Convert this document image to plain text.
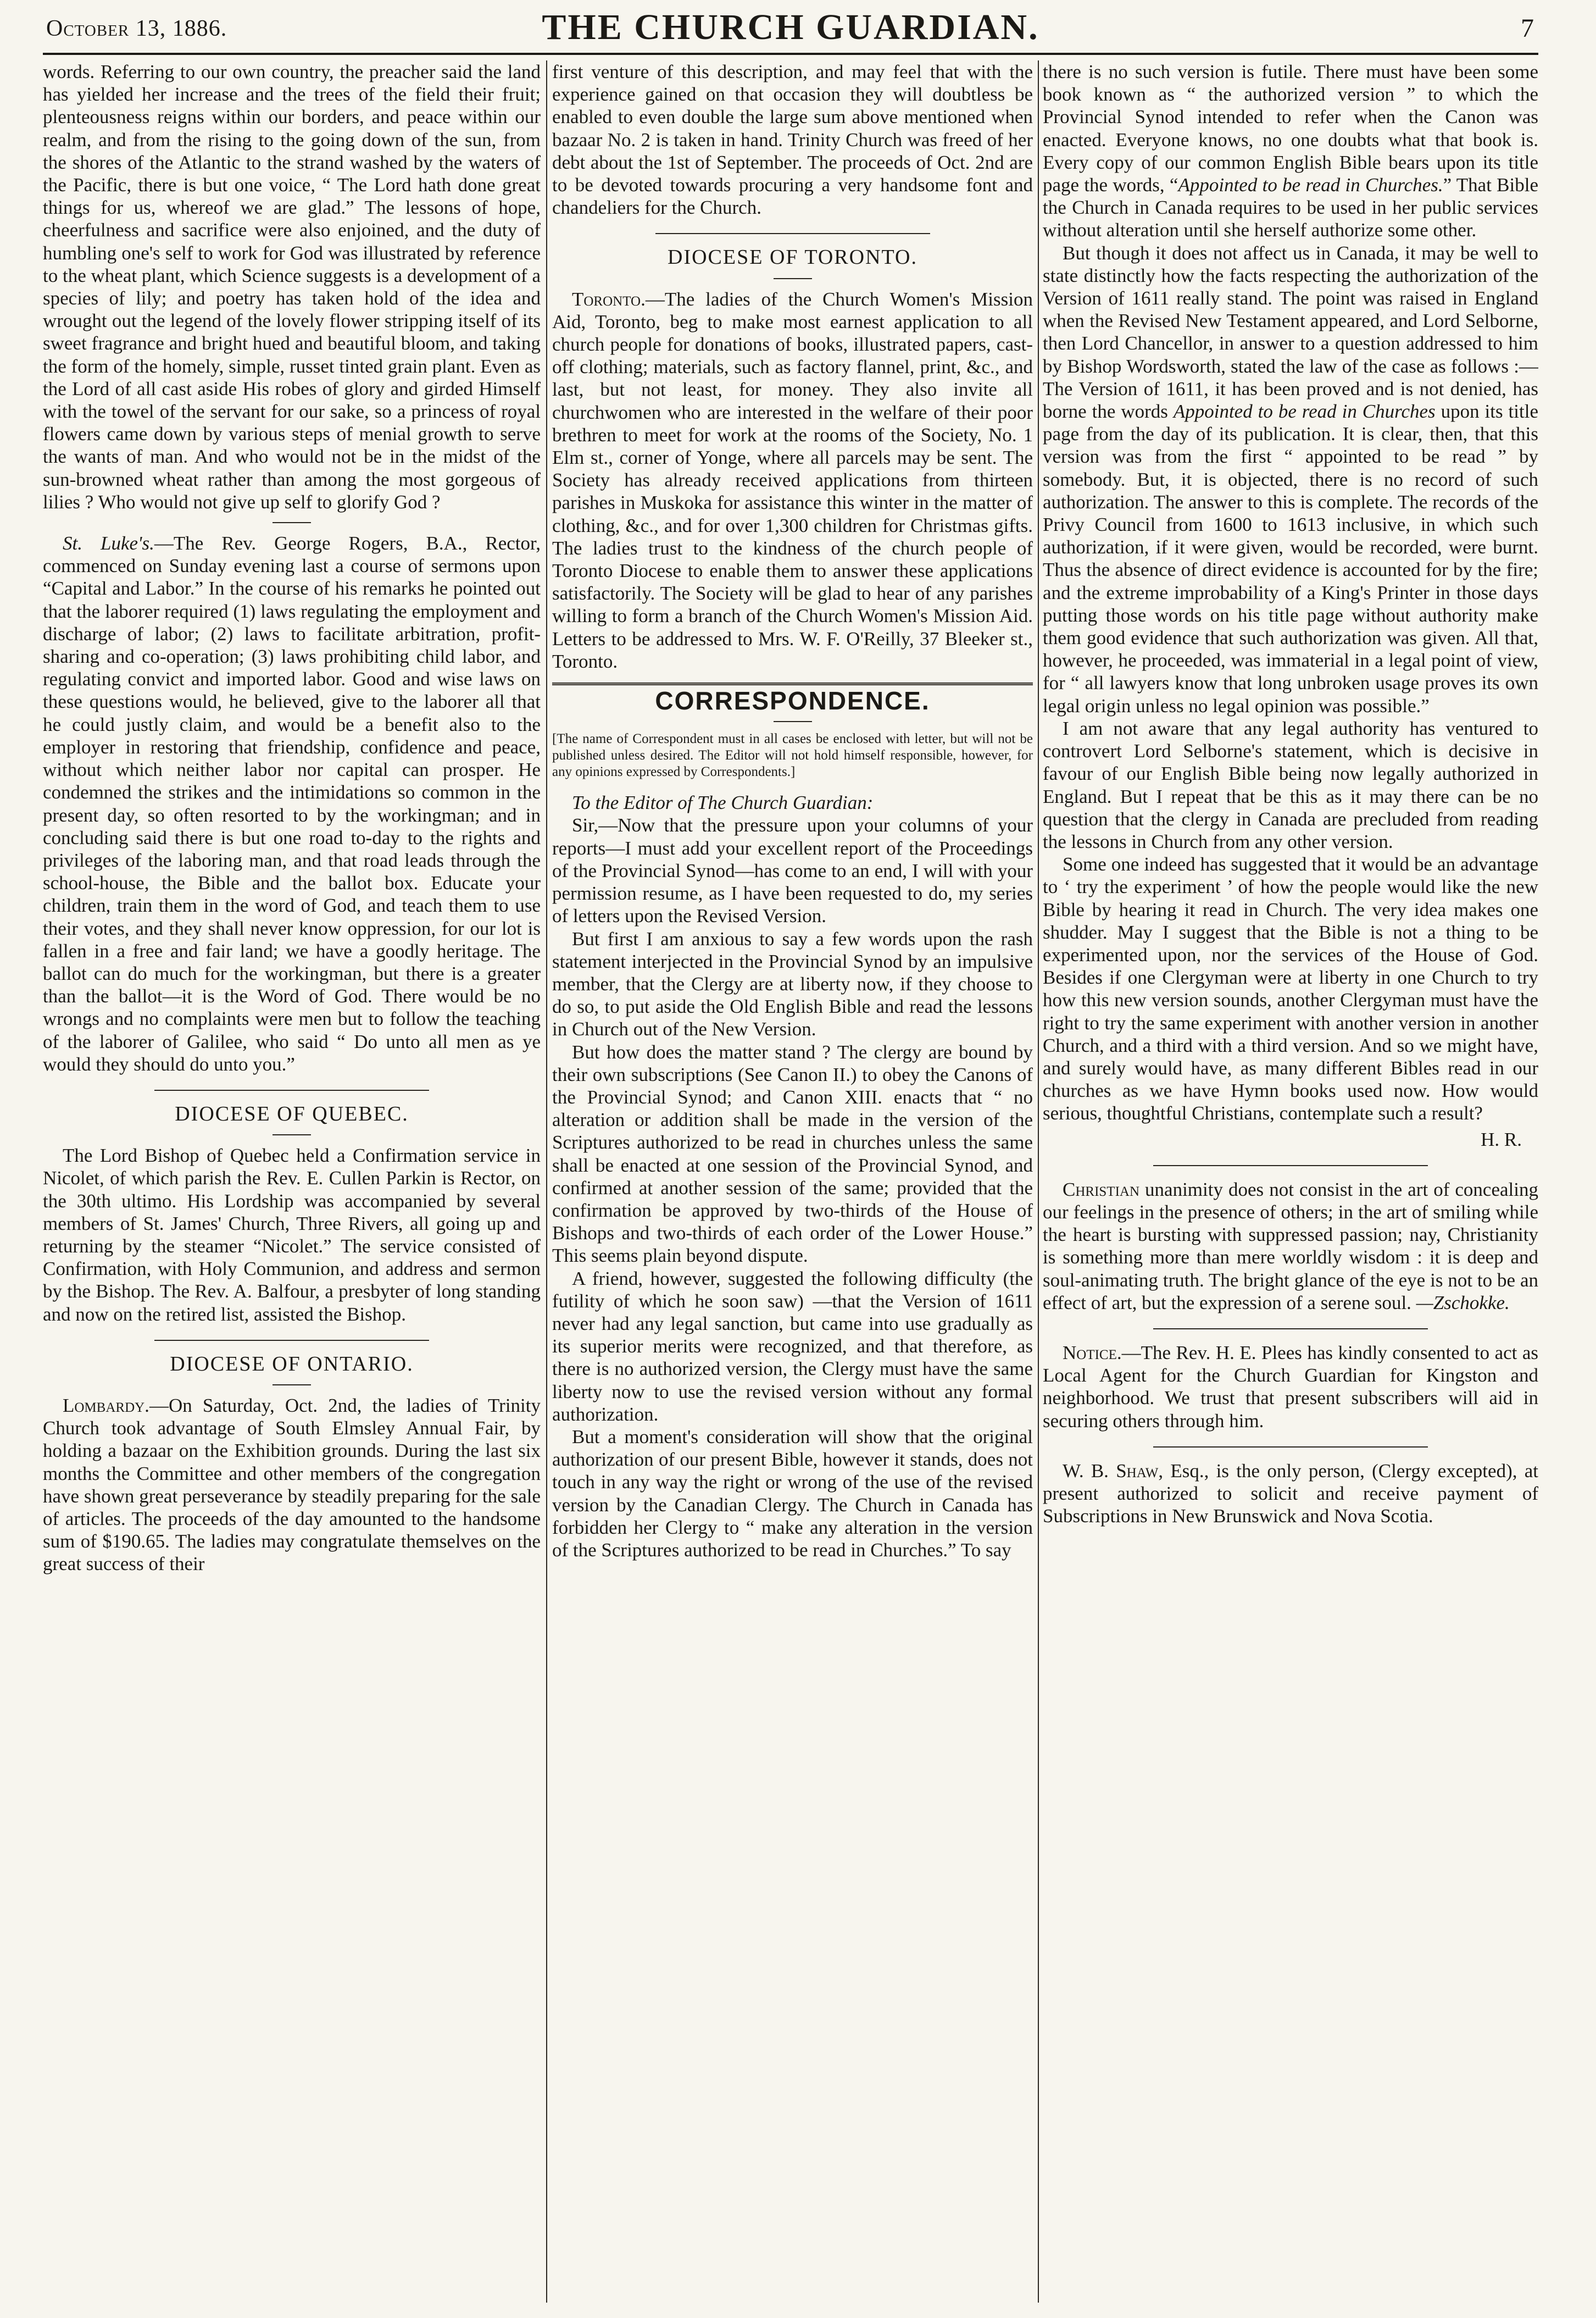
October 13, 1886.	THE CHURCH GUARDIAN.	7

words. Referring to our own country, the preacher said the land has yielded her increase and the trees of the field their fruit; plenteousness reigns within our borders, and peace within our realm, and from the rising to the going down of the sun, from the shores of the Atlantic to the strand washed by the waters of the Pacific, there is but one voice, “ The Lord hath done great things for us, whereof we are glad.” The lessons of hope, cheerfulness and sacrifice were also enjoined, and the duty of humbling one's self to work for God was illustrated by reference to the wheat plant, which Science suggests is a development of a species of lily; and poetry has taken hold of the idea and wrought out the legend of the lovely flower stripping itself of its sweet fragrance and bright hued and beautiful bloom, and taking the form of the homely, simple, russet tinted grain plant. Even as the Lord of all cast aside His robes of glory and girded Himself with the towel of the servant for our sake, so a princess of royal flowers came down by various steps of menial growth to serve the wants of man. And who would not be in the midst of the sun-browned wheat rather than among the most gorgeous of lilies ? Who would not give up self to glorify God ?

St. Luke's.—The Rev. George Rogers, B.A., Rector, commenced on Sunday evening last a course of sermons upon “Capital and Labor.” In the course of his remarks he pointed out that the laborer required (1) laws regulating the employment and discharge of labor; (2) laws to facilitate arbitration, profit-sharing and co-operation; (3) laws prohibiting child labor, and regulating convict and imported labor. Good and wise laws on these questions would, he believed, give to the laborer all that he could justly claim, and would be a benefit also to the employer in restoring that friendship, confidence and peace, without which neither labor nor capital can prosper. He condemned the strikes and the intimidations so common in the present day, so often resorted to by the workingman; and in concluding said there is but one road to-day to the rights and privileges of the laboring man, and that road leads through the school-house, the Bible and the ballot box. Educate your children, train them in the word of God, and teach them to use their votes, and they shall never know oppression, for our lot is fallen in a free and fair land; we have a goodly heritage. The ballot can do much for the workingman, but there is a greater than the ballot—it is the Word of God. There would be no wrongs and no complaints were men but to follow the teaching of the laborer of Galilee, who said “ Do unto all men as ye would they should do unto you.”

DIOCESE OF QUEBEC.

The Lord Bishop of Quebec held a Confirmation service in Nicolet, of which parish the Rev. E. Cullen Parkin is Rector, on the 30th ultimo. His Lordship was accompanied by several members of St. James' Church, Three Rivers, all going up and returning by the steamer “Nicolet.” The service consisted of Confirmation, with Holy Communion, and address and sermon by the Bishop. The Rev. A. Balfour, a presbyter of long standing and now on the retired list, assisted the Bishop.

DIOCESE OF ONTARIO.

Lombardy.—On Saturday, Oct. 2nd, the ladies of Trinity Church took advantage of South Elmsley Annual Fair, by holding a bazaar on the Exhibition grounds. During the last six months the Committee and other members of the congregation have shown great perseverance by steadily preparing for the sale of articles. The proceeds of the day amounted to the handsome sum of $190.65. The ladies may congratulate themselves on the great success of their

first venture of this description, and may feel that with the experience gained on that occasion they will doubtless be enabled to even double the large sum above mentioned when bazaar No. 2 is taken in hand. Trinity Church was freed of her debt about the 1st of September. The proceeds of Oct. 2nd are to be devoted towards procuring a very handsome font and chandeliers for the Church.

DIOCESE OF TORONTO.

Toronto.—The ladies of the Church Women's Mission Aid, Toronto, beg to make most earnest application to all church people for donations of books, illustrated papers, cast-off clothing; materials, such as factory flannel, print, &c., and last, but not least, for money. They also invite all churchwomen who are interested in the welfare of their poor brethren to meet for work at the rooms of the Society, No. 1 Elm st., corner of Yonge, where all parcels may be sent. The Society has already received applications from thirteen parishes in Muskoka for assistance this winter in the matter of clothing, &c., and for over 1,300 children for Christmas gifts. The ladies trust to the kindness of the church people of Toronto Diocese to enable them to answer these applications satisfactorily. The Society will be glad to hear of any parishes willing to form a branch of the Church Women's Mission Aid. Letters to be addressed to Mrs. W. F. O'Reilly, 37 Bleeker st., Toronto.

CORRESPONDENCE.

[The name of Correspondent must in all cases be enclosed with letter, but will not be published unless desired. The Editor will not hold himself responsible, however, for any opinions expressed by Correspondents.]

To the Editor of The Church Guardian:

Sir,—Now that the pressure upon your columns of your reports—I must add your excellent report of the Proceedings of the Provincial Synod—has come to an end, I will with your permission resume, as I have been requested to do, my series of letters upon the Revised Version.

But first I am anxious to say a few words upon the rash statement interjected in the Provincial Synod by an impulsive member, that the Clergy are at liberty now, if they choose to do so, to put aside the Old English Bible and read the lessons in Church out of the New Version.

But how does the matter stand ? The clergy are bound by their own subscriptions (See Canon II.) to obey the Canons of the Provincial Synod; and Canon XIII. enacts that “ no alteration or addition shall be made in the version of the Scriptures authorized to be read in churches unless the same shall be enacted at one session of the Provincial Synod, and confirmed at another session of the same; provided that the confirmation be approved by two-thirds of the House of Bishops and two-thirds of each order of the Lower House.” This seems plain beyond dispute.

A friend, however, suggested the following difficulty (the futility of which he soon saw) —that the Version of 1611 never had any legal sanction, but came into use gradually as its superior merits were recognized, and that therefore, as there is no authorized version, the Clergy must have the same liberty now to use the revised version without any formal authorization.

But a moment's consideration will show that the original authorization of our present Bible, however it stands, does not touch in any way the right or wrong of the use of the revised version by the Canadian Clergy. The Church in Canada has forbidden her Clergy to “ make any alteration in the version of the Scriptures authorized to be read in Churches.” To say

there is no such version is futile. There must have been some book known as “ the authorized version ” to which the Provincial Synod intended to refer when the Canon was enacted. Everyone knows, no one doubts what that book is. Every copy of our common English Bible bears upon its title page the words, “Appointed to be read in Churches.” That Bible the Church in Canada requires to be used in her public services without alteration until she herself authorize some other.

But though it does not affect us in Canada, it may be well to state distinctly how the facts respecting the authorization of the Version of 1611 really stand. The point was raised in England when the Revised New Testament appeared, and Lord Selborne, then Lord Chancellor, in answer to a question addressed to him by Bishop Wordsworth, stated the law of the case as follows :—The Version of 1611, it has been proved and is not denied, has borne the words Appointed to be read in Churches upon its title page from the day of its publication. It is clear, then, that this version was from the first “ appointed to be read ” by somebody. But, it is objected, there is no record of such authorization. The answer to this is complete. The records of the Privy Council from 1600 to 1613 inclusive, in which such authorization, if it were given, would be recorded, were burnt. Thus the absence of direct evidence is accounted for by the fire; and the extreme improbability of a King's Printer in those days putting those words on his title page without authority make them good evidence that such authorization was given. All that, however, he proceeded, was immaterial in a legal point of view, for “ all lawyers know that long unbroken usage proves its own legal origin unless no legal opinion was possible.”

I am not aware that any legal authority has ventured to controvert Lord Selborne's statement, which is decisive in favour of our English Bible being now legally authorized in England. But I repeat that be this as it may there can be no question that the clergy in Canada are precluded from reading the lessons in Church from any other version.

Some one indeed has suggested that it would be an advantage to ‘ try the experiment ’ of how the people would like the new Bible by hearing it read in Church. The very idea makes one shudder. May I suggest that the Bible is not a thing to be experimented upon, nor the services of the House of God. Besides if one Clergyman were at liberty in one Church to try how this new version sounds, another Clergyman must have the right to try the same experiment with another version in another Church, and a third with a third version. And so we might have, and surely would have, as many different Bibles read in our churches as we have Hymn books used now. How would serious, thoughtful Christians, contemplate such a result?

H. R.

Christian unanimity does not consist in the art of concealing our feelings in the presence of others; in the art of smiling while the heart is bursting with suppressed passion; nay, Christianity is something more than mere worldly wisdom : it is deep and soul-animating truth. The bright glance of the eye is not to be an effect of art, but the expression of a serene soul. —Zschokke.

Notice.—The Rev. H. E. Plees has kindly consented to act as Local Agent for the Church Guardian for Kingston and neighborhood. We trust that present subscribers will aid in securing others through him.

W. B. Shaw, Esq., is the only person, (Clergy excepted), at present authorized to solicit and receive payment of Subscriptions in New Brunswick and Nova Scotia.
